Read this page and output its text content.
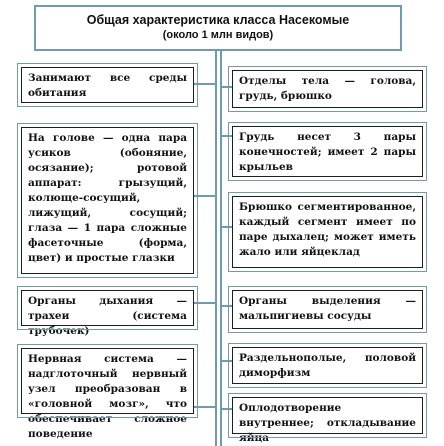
Общая характеристика класса Насекомые
(около 1 млн видов)
Занимают все среды обитания
На голове — одна пара усиков (обоняние, осязание); ротовой аппарат: грызущий, колюще-сосущий, лижущий, сосущий; глаза — 1 пара сложные фасеточные (форма, цвет) и простые глазки
Органы дыхания — трахеи (система трубочек)
Нервная система — надглоточный нервный узел преобразован в «головной мозг», что обеспечивает сложное поведение
Отделы тела — голова, грудь, брюшко
Грудь несет 3 пары конечностей; имеет 2 пары крыльев
Брюшко сегментированное, каждый сегмент имеет по паре дыхалец; может иметь жало или яйцеклад
Органы выделения — мальпигиевы сосуды
Раздельнополые, половой диморфизм
Оплодотворение внутреннее; откладывание яйца
